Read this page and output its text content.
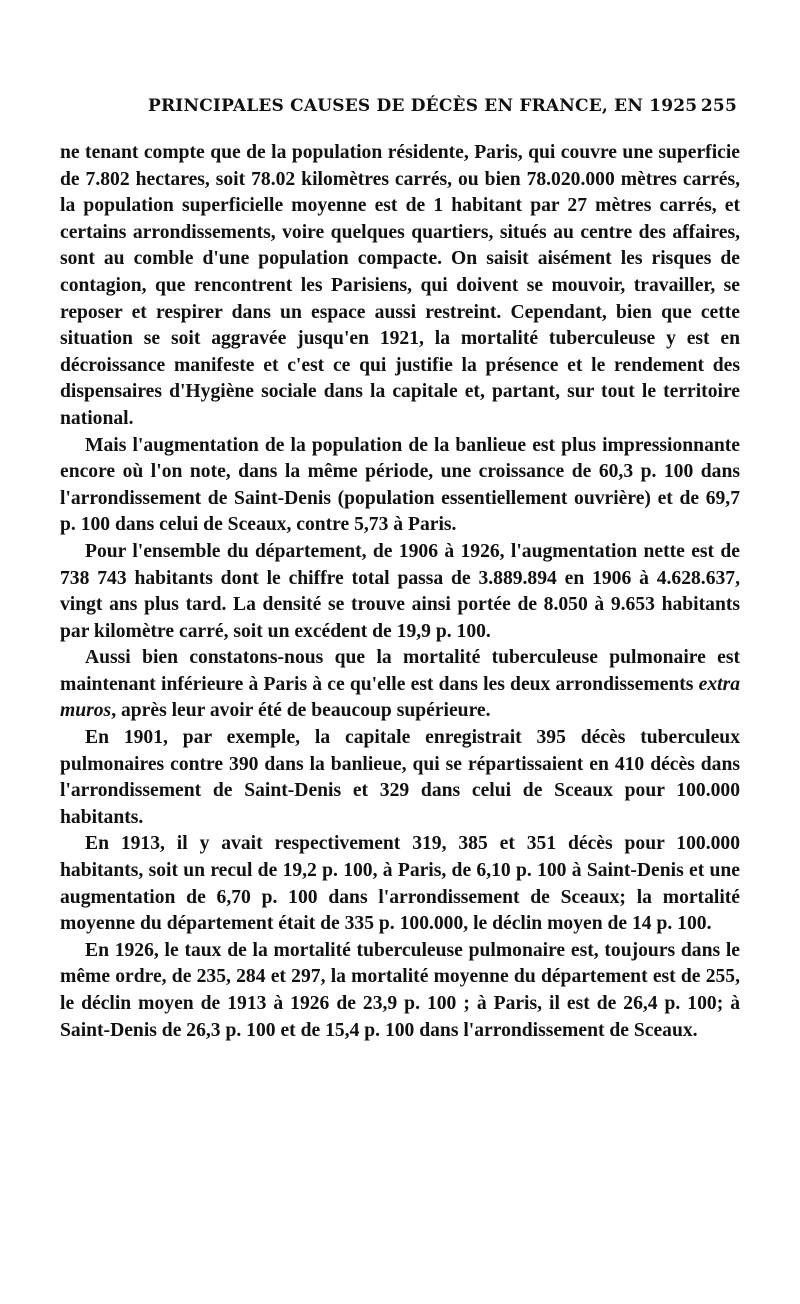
PRINCIPALES CAUSES DE DÉCÈS EN FRANCE, EN 1925 255

ne tenant compte que de la population résidente, Paris, qui couvre une superficie de 7.802 hectares, soit 78.02 kilomètres carrés, ou bien 78.020.000 mètres carrés, la population superficielle moyenne est de 1 habitant par 27 mètres carrés, et certains arrondissements, voire quelques quartiers, situés au centre des affaires, sont au comble d'une population compacte. On saisit aisément les risques de contagion, que rencontrent les Parisiens, qui doivent se mouvoir, travailler, se reposer et respirer dans un espace aussi restreint. Cependant, bien que cette situation se soit aggravée jusqu'en 1921, la mortalité tuberculeuse y est en décroissance manifeste et c'est ce qui justifie la présence et le rendement des dispensaires d'Hygiène sociale dans la capitale et, partant, sur tout le territoire national.

Mais l'augmentation de la population de la banlieue est plus impressionnante encore où l'on note, dans la même période, une croissance de 60,3 p. 100 dans l'arrondissement de Saint-Denis (population essentiellement ouvrière) et de 69,7 p. 100 dans celui de Sceaux, contre 5,73 à Paris.

Pour l'ensemble du département, de 1906 à 1926, l'augmentation nette est de 738 743 habitants dont le chiffre total passa de 3.889.894 en 1906 à 4.628.637, vingt ans plus tard. La densité se trouve ainsi portée de 8.050 à 9.653 habitants par kilomètre carré, soit un excédent de 19,9 p. 100.

Aussi bien constatons-nous que la mortalité tuberculeuse pulmonaire est maintenant inférieure à Paris à ce qu'elle est dans les deux arrondissements extra muros, après leur avoir été de beaucoup supérieure.

En 1901, par exemple, la capitale enregistrait 395 décès tuberculeux pulmonaires contre 390 dans la banlieue, qui se répartissaient en 410 décès dans l'arrondissement de Saint-Denis et 329 dans celui de Sceaux pour 100.000 habitants.

En 1913, il y avait respectivement 319, 385 et 351 décès pour 100.000 habitants, soit un recul de 19,2 p. 100, à Paris, de 6,10 p. 100 à Saint-Denis et une augmentation de 6,70 p. 100 dans l'arrondissement de Sceaux; la mortalité moyenne du département était de 335 p. 100.000, le déclin moyen de 14 p. 100.

En 1926, le taux de la mortalité tuberculeuse pulmonaire est, toujours dans le même ordre, de 235, 284 et 297, la mortalité moyenne du département est de 255, le déclin moyen de 1913 à 1926 de 23,9 p. 100 ; à Paris, il est de 26,4 p. 100; à Saint-Denis de 26,3 p. 100 et de 15,4 p. 100 dans l'arrondissement de Sceaux.
